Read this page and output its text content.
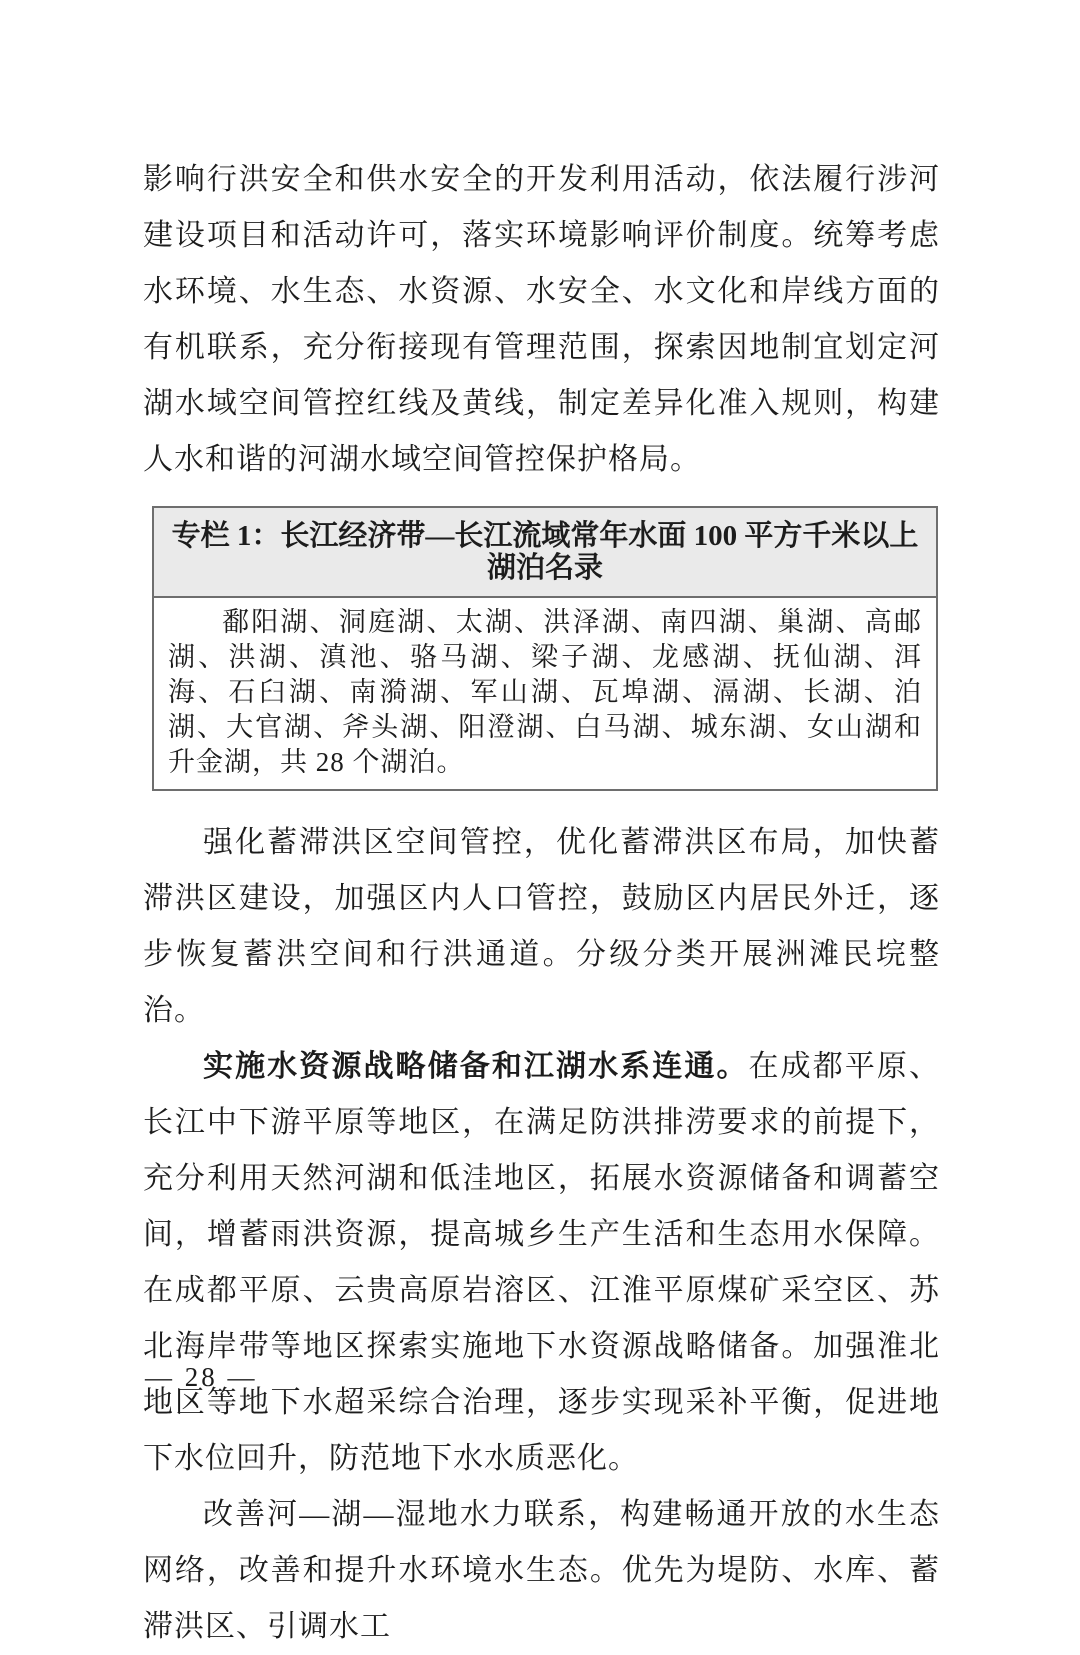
影响行洪安全和供水安全的开发利用活动，依法履行涉河建设项目和活动许可，落实环境影响评价制度。统筹考虑水环境、水生态、水资源、水安全、水文化和岸线方面的有机联系，充分衔接现有管理范围，探索因地制宜划定河湖水域空间管控红线及黄线，制定差异化准入规则，构建人水和谐的河湖水域空间管控保护格局。

专栏 1：长江经济带—长江流域常年水面 100 平方千米以上湖泊名录
鄱阳湖、洞庭湖、太湖、洪泽湖、南四湖、巢湖、高邮湖、洪湖、滇池、骆马湖、梁子湖、龙感湖、抚仙湖、洱海、石臼湖、南漪湖、军山湖、瓦埠湖、滆湖、长湖、泊湖、大官湖、斧头湖、阳澄湖、白马湖、城东湖、女山湖和升金湖，共 28 个湖泊。

强化蓄滞洪区空间管控，优化蓄滞洪区布局，加快蓄滞洪区建设，加强区内人口管控，鼓励区内居民外迁，逐步恢复蓄洪空间和行洪通道。分级分类开展洲滩民垸整治。

实施水资源战略储备和江湖水系连通。在成都平原、长江中下游平原等地区，在满足防洪排涝要求的前提下，充分利用天然河湖和低洼地区，拓展水资源储备和调蓄空间，增蓄雨洪资源，提高城乡生产生活和生态用水保障。在成都平原、云贵高原岩溶区、江淮平原煤矿采空区、苏北海岸带等地区探索实施地下水资源战略储备。加强淮北地区等地下水超采综合治理，逐步实现采补平衡，促进地下水位回升，防范地下水水质恶化。

改善河—湖—湿地水力联系，构建畅通开放的水生态网络，改善和提升水环境水生态。优先为堤防、水库、蓄滞洪区、引调水工

— 28 —
